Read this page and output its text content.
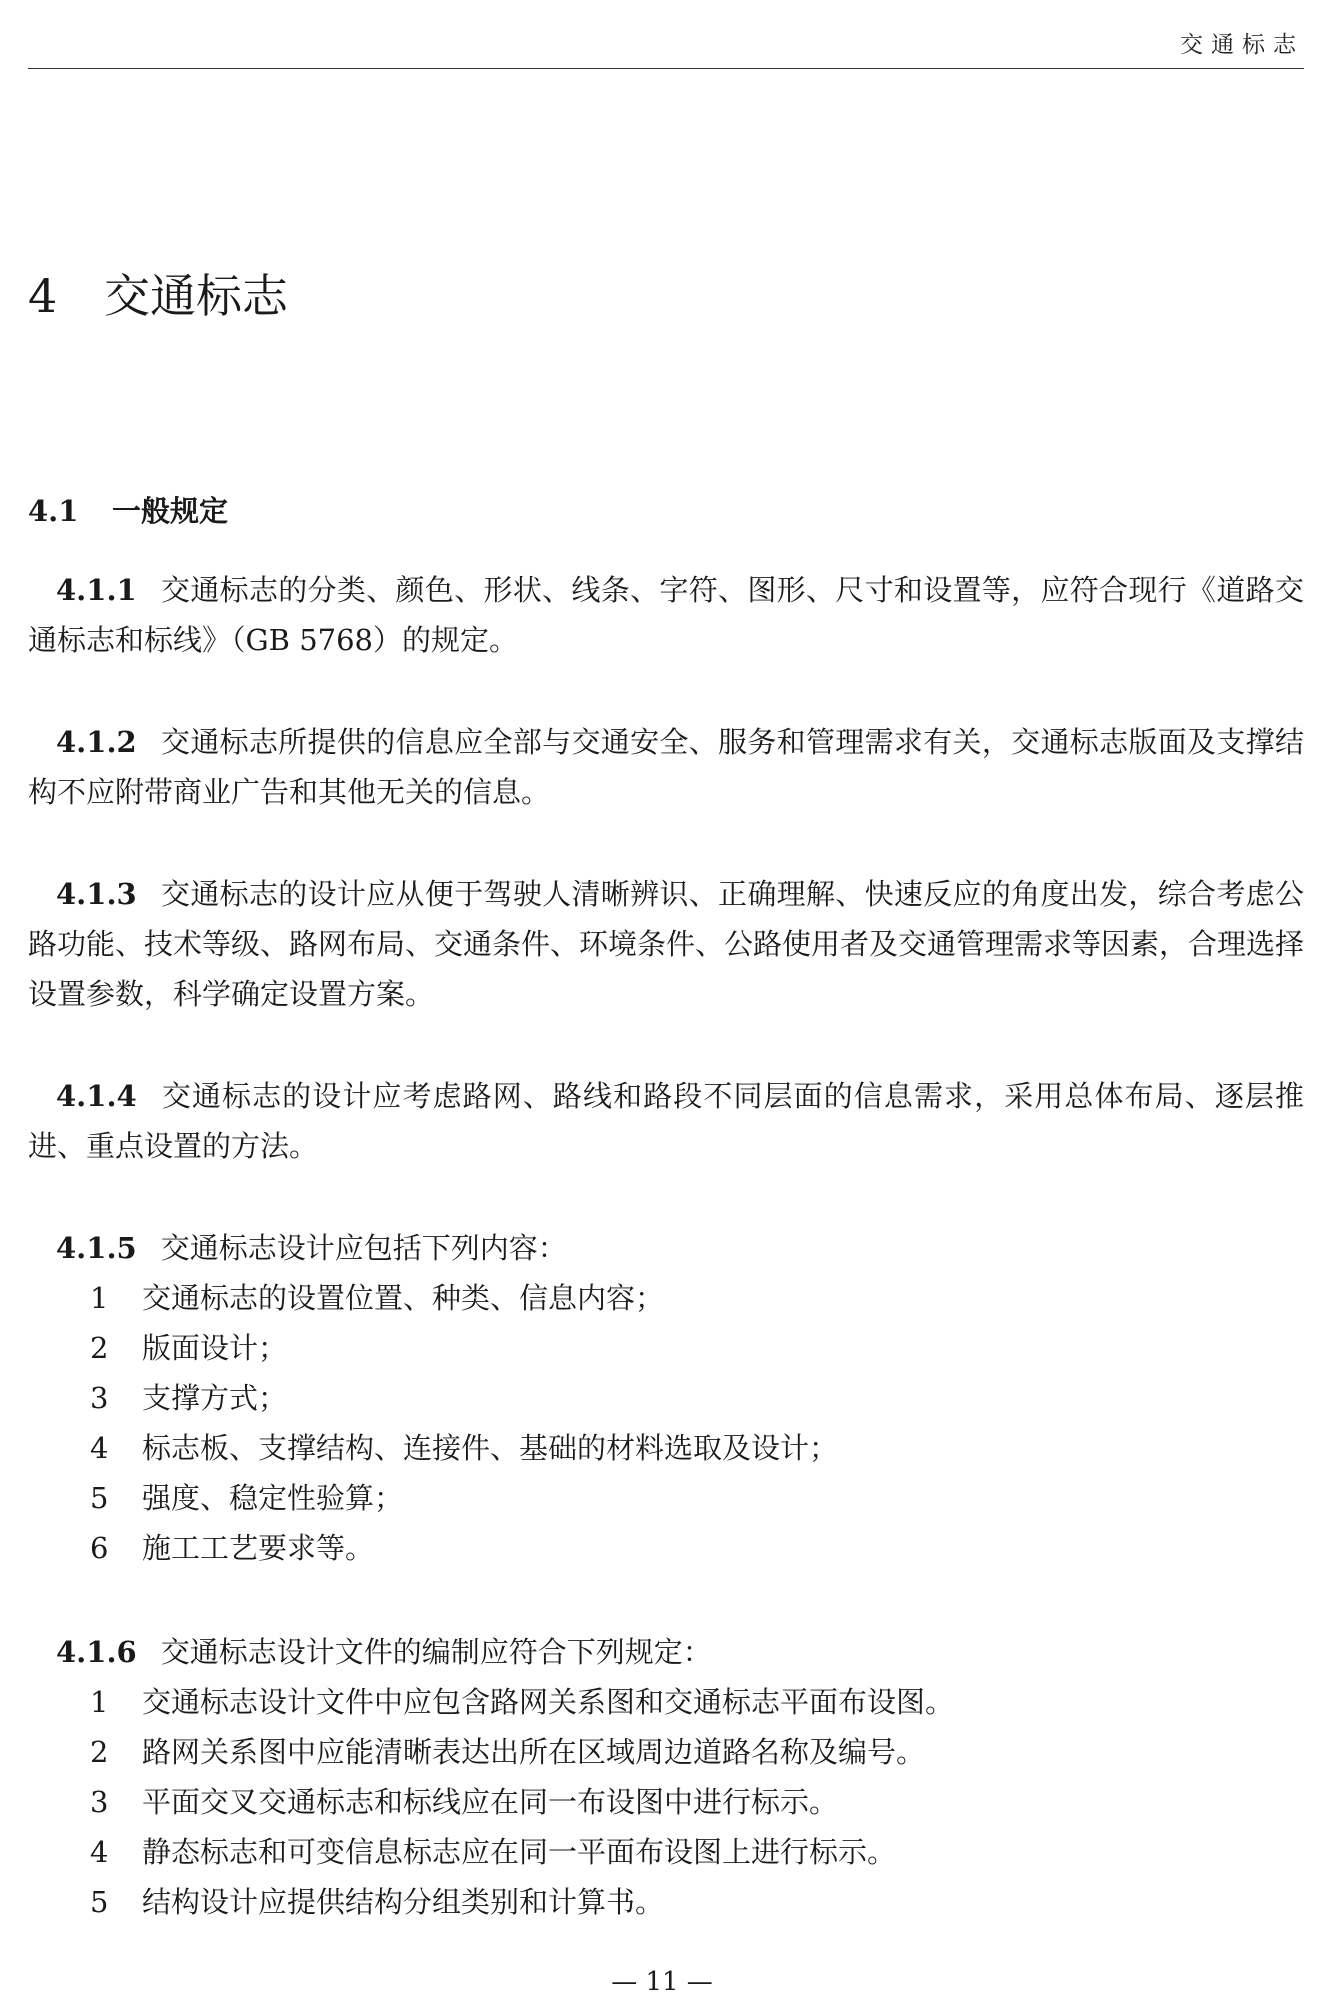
交通标志
4 交通标志
4.1 一般规定

4.1.1 交通标志的分类、颜色、形状、线条、字符、图形、尺寸和设置等，应符合现行《道路交通标志和标线》（GB 5768）的规定。

4.1.2 交通标志所提供的信息应全部与交通安全、服务和管理需求有关，交通标志版面及支撑结构不应附带商业广告和其他无关的信息。

4.1.3 交通标志的设计应从便于驾驶人清晰辨识、正确理解、快速反应的角度出发，综合考虑公路功能、技术等级、路网布局、交通条件、环境条件、公路使用者及交通管理需求等因素，合理选择设置参数，科学确定设置方案。

4.1.4 交通标志的设计应考虑路网、路线和路段不同层面的信息需求，采用总体布局、逐层推进、重点设置的方法。

4.1.5 交通标志设计应包括下列内容：

1 交通标志的设置位置、种类、信息内容；

2 版面设计；

3 支撑方式；

4 标志板、支撑结构、连接件、基础的材料选取及设计；

5 强度、稳定性验算；

6 施工工艺要求等。

4.1.6 交通标志设计文件的编制应符合下列规定：

1 交通标志设计文件中应包含路网关系图和交通标志平面布设图。

2 路网关系图中应能清晰表达出所在区域周边道路名称及编号。

3 平面交叉交通标志和标线应在同一布设图中进行标示。

4 静态标志和可变信息标志应在同一平面布设图上进行标示。

5 结构设计应提供结构分组类别和计算书。

— 11 —
